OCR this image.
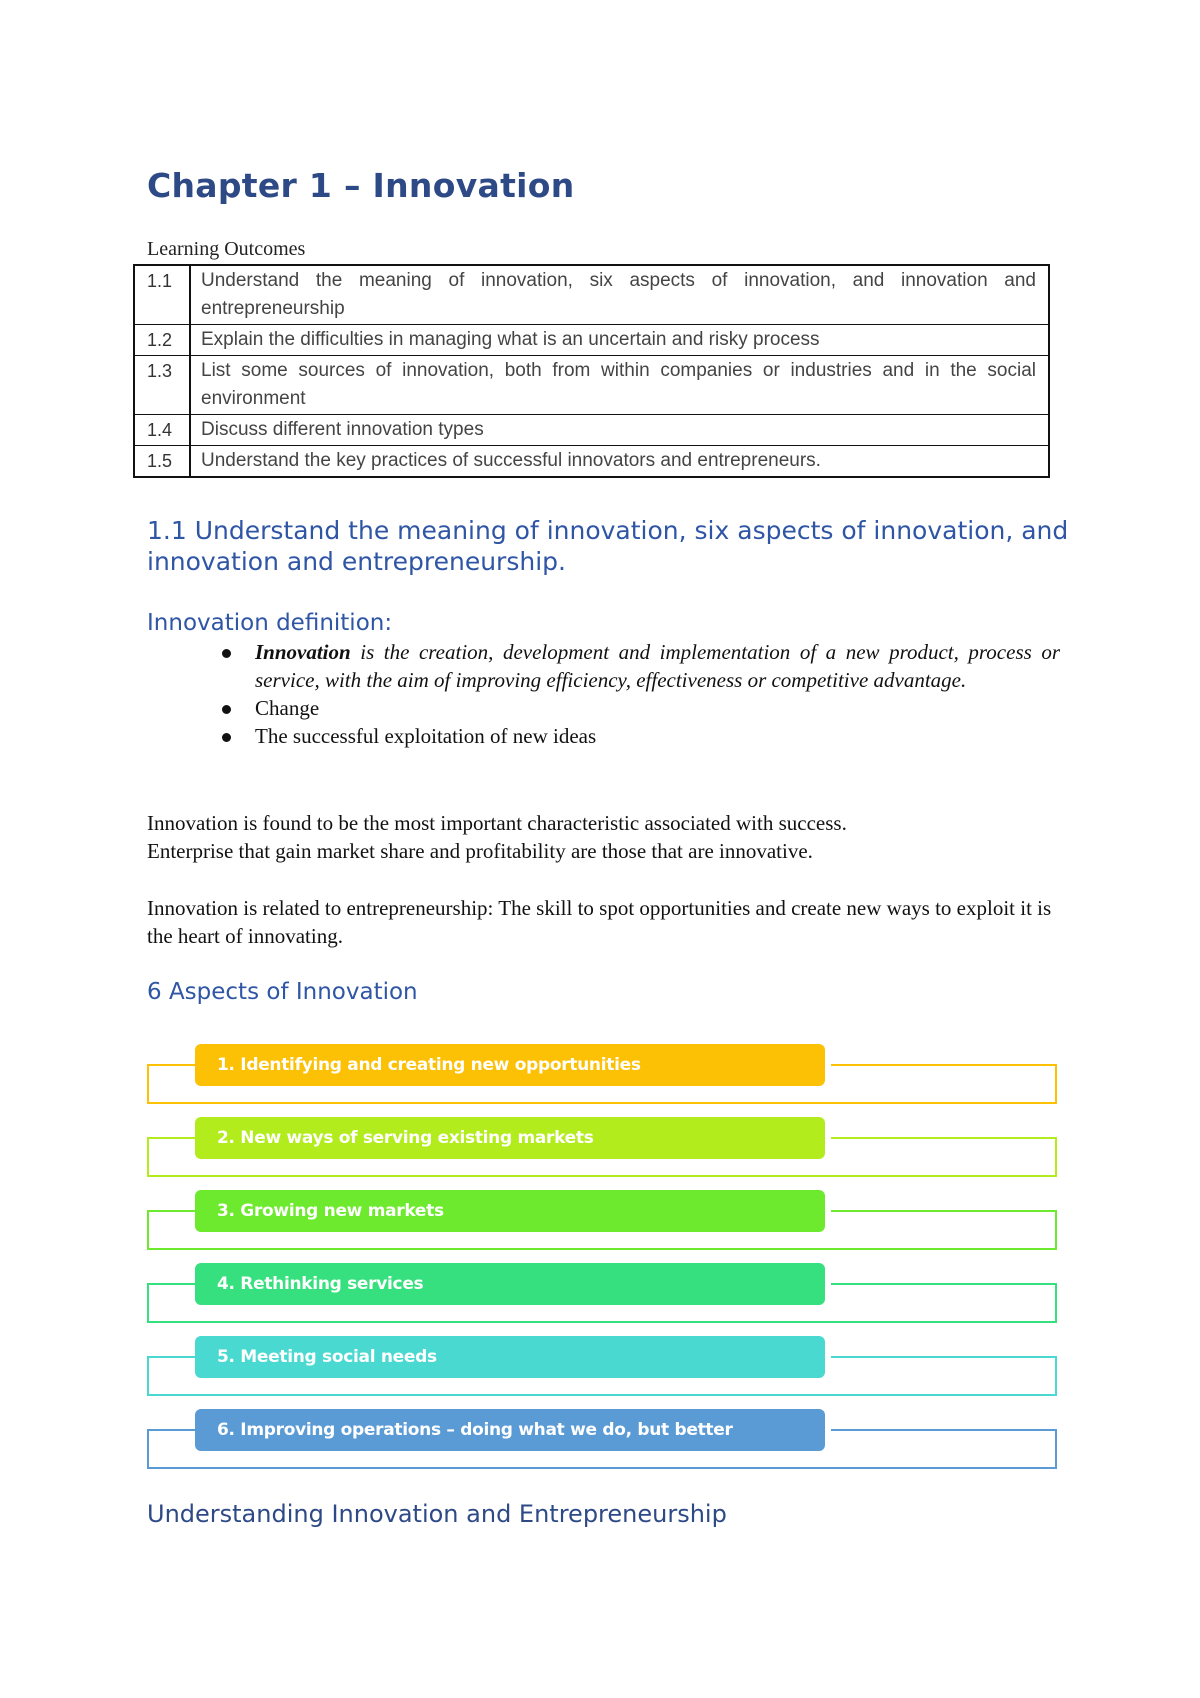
Chapter 1 – Innovation
Learning Outcomes
1.1	Understand the meaning of innovation, six aspects of innovation, and innovation and entrepreneurship
1.2	Explain the difficulties in managing what is an uncertain and risky process
1.3	List some sources of innovation, both from within companies or industries and in the social environment
1.4	Discuss different innovation types
1.5	Understand the key practices of successful innovators and entrepreneurs.
1.1 Understand the meaning of innovation, six aspects of innovation, and innovation and entrepreneurship.
Innovation definition:
Innovation is the creation, development and implementation of a new product, process or service, with the aim of improving efficiency, effectiveness or competitive advantage.
Change
The successful exploitation of new ideas

Innovation is found to be the most important characteristic associated with success.
Enterprise that gain market share and profitability are those that are innovative.

Innovation is related to entrepreneurship: The skill to spot opportunities and create new ways to exploit it is the heart of innovating.

6 Aspects of Innovation
1. Identifying and creating new opportunities
2. New ways of serving existing markets
3. Growing new markets
4. Rethinking services
5. Meeting social needs
6. Improving operations – doing what we do, but better
Understanding Innovation and Entrepreneurship
